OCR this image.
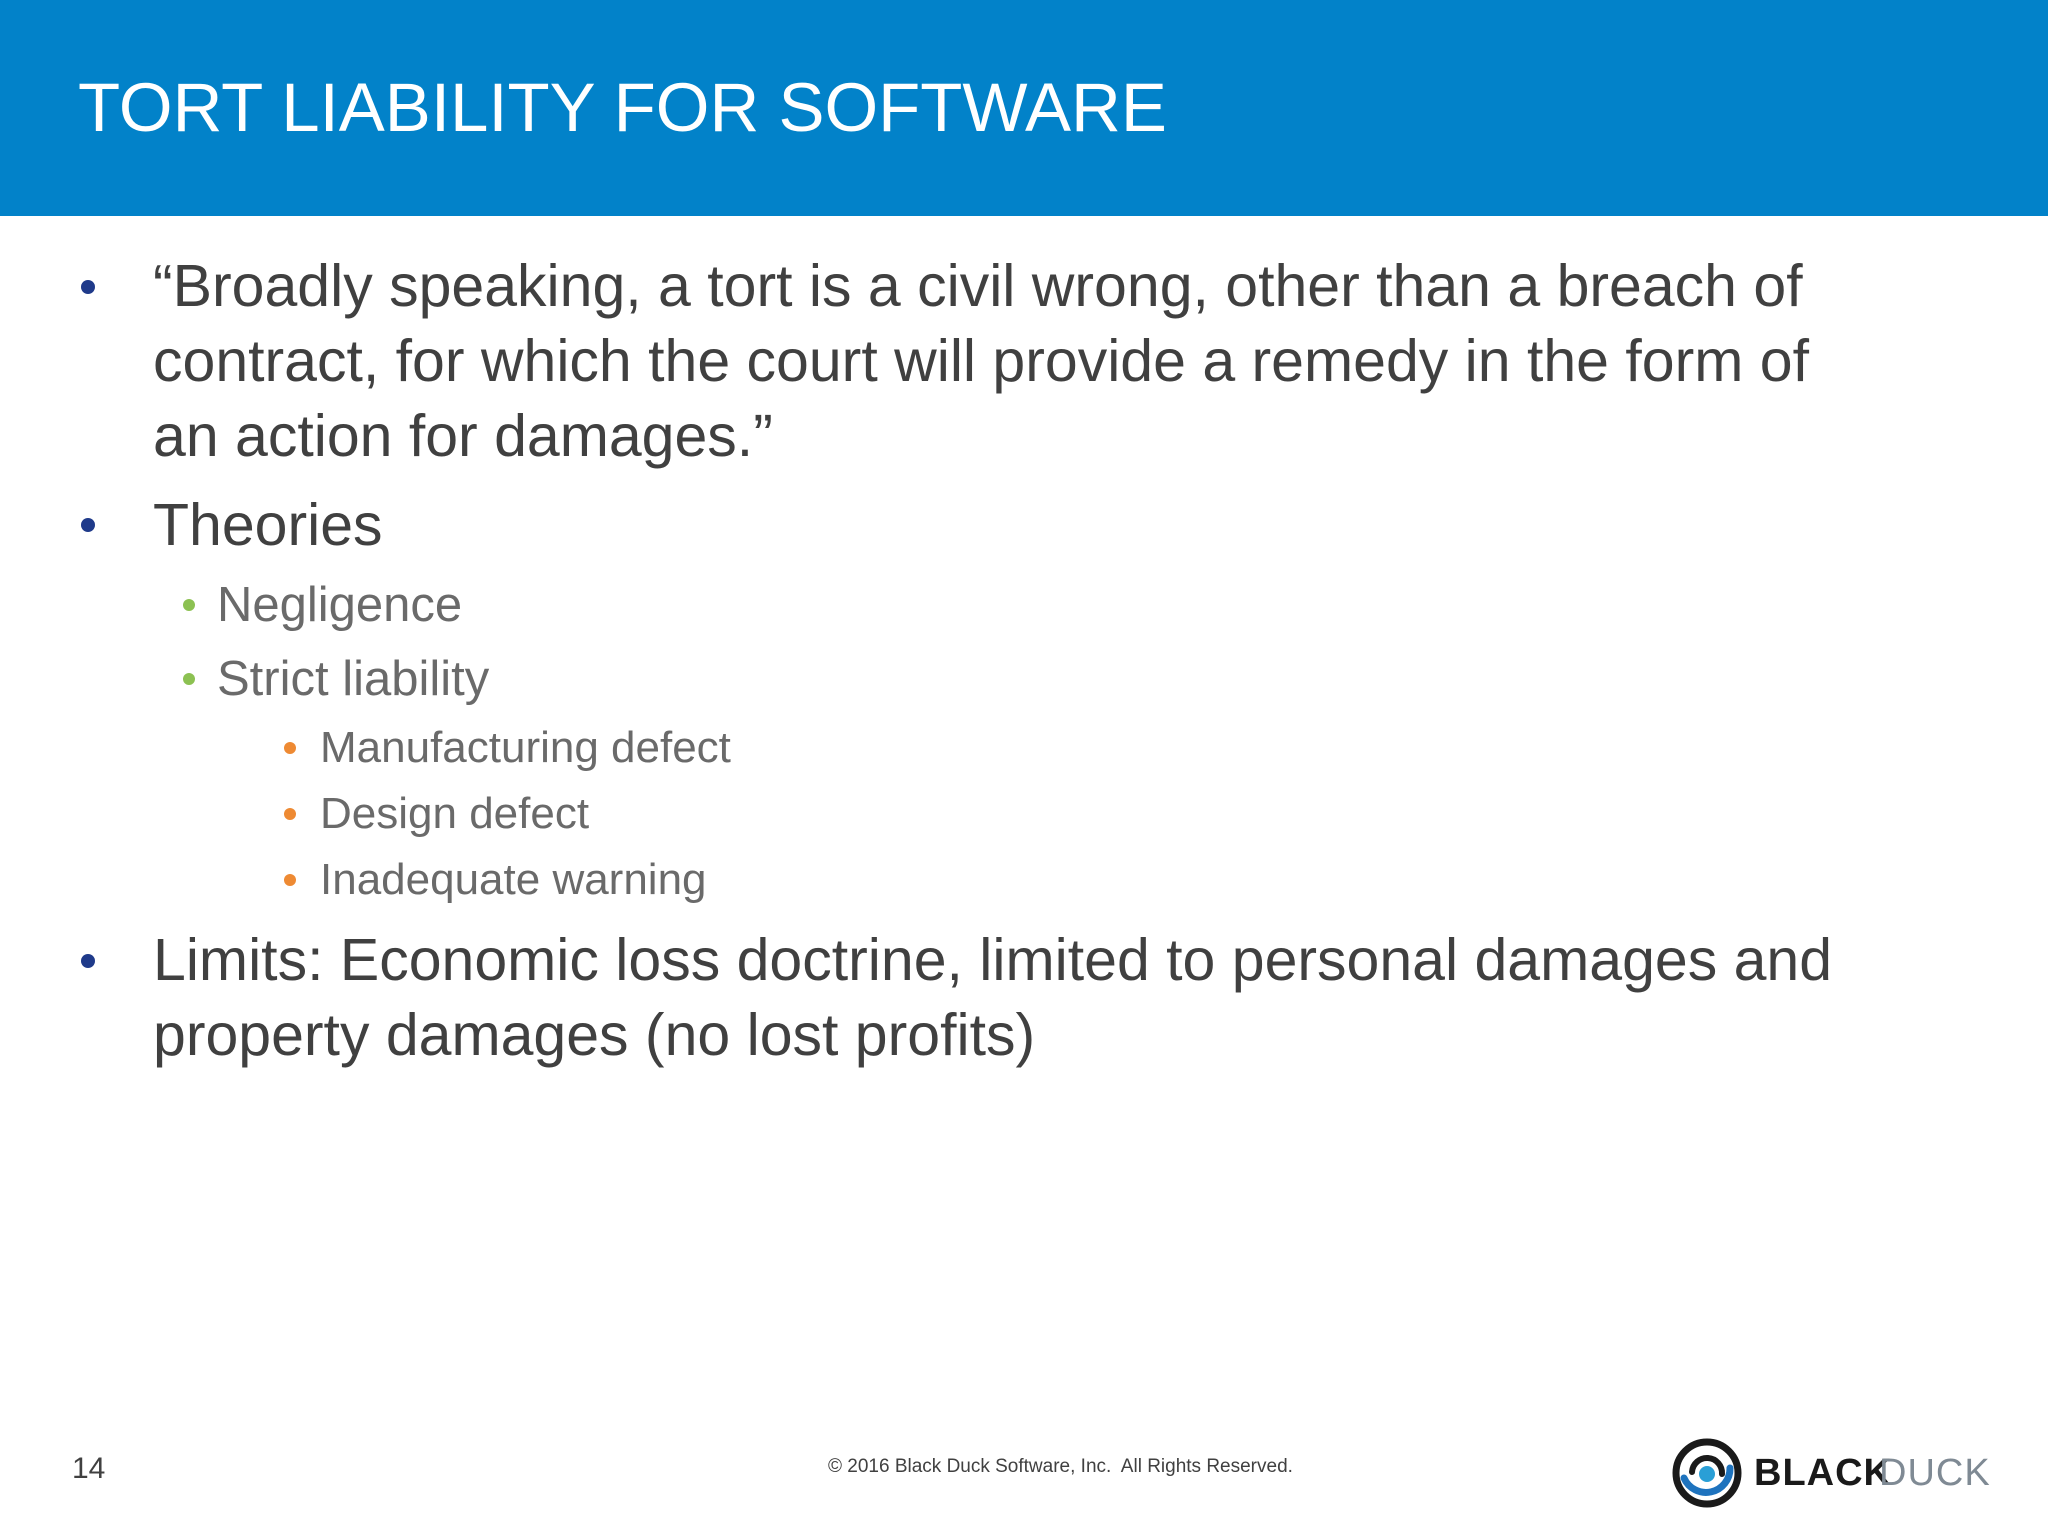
TORT LIABILITY FOR SOFTWARE
“Broadly speaking, a tort is a civil wrong, other than a breach of
contract, for which the court will provide a remedy in the form of
an action for damages.”
Theories
Negligence
Strict liability
Manufacturing defect
Design defect
Inadequate warning
Limits: Economic loss doctrine, limited to personal damages and
property damages (no lost profits)
14	© 2016 Black Duck Software, Inc.  All Rights Reserved.	BLACK
DUCK
